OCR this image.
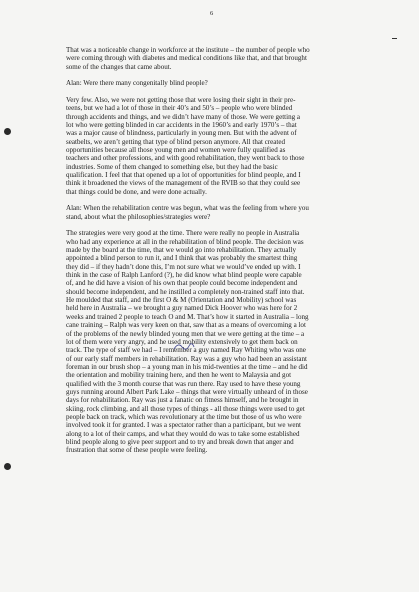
6

That was a noticeable change in workforce at the institute – the number of people who
were coming through with diabetes and medical conditions like that, and that brought
some of the changes that came about.

Alan: Were there many congenitally blind people?

Very few. Also, we were not getting those that were losing their sight in their pre-
teens, but we had a lot of those in their 40’s and 50’s – people who were blinded
through accidents and things, and we didn’t have many of those. We were getting a
lot who were getting blinded in car accidents in the 1960’s and early 1970’s – that
was a major cause of blindness, particularly in young men. But with the advent of
seatbelts, we aren’t getting that type of blind person anymore. All that created
opportunities because all those young men and women were fully qualified as
teachers and other professions, and with good rehabilitation, they went back to those
industries. Some of them changed to something else, but they had the basic
qualification. I feel that that opened up a lot of opportunities for blind people, and I
think it broadened the views of the management of the RVIB so that they could see
that things could be done, and were done actually.

Alan: When the rehabilitation centre was begun, what was the feeling from where you
stand, about what the philosophies/strategies were?

The strategies were very good at the time. There were really no people in Australia
who had any experience at all in the rehabilitation of blind people. The decision was
made by the board at the time, that we would go into rehabilitation. They actually
appointed a blind person to run it, and I think that was probably the smartest thing
they did – if they hadn’t done this, I’m not sure what we would’ve ended up with. I
think in the case of Ralph Lanford (?), he did know what blind people were capable
of, and he did have a vision of his own that people could become independent and
should become independent, and he instilled a completely non-trained staff into that.
He moulded that staff, and the first O & M (Orientation and Mobility) school was
held here in Australia – we brought a guy named Dick Hoover who was here for 2
weeks and trained 2 people to teach O and M. That’s how it started in Australia – long
cane training – Ralph was very keen on that, saw that as a means of overcoming a lot
of the problems of the newly blinded young men that we were getting at the time – a
lot of them were very angry, and he used mobility extensively to get them back on
track. The type of staff we had – I remember a guy named Ray Whiting who was one
of our early staff members in rehabilitation. Ray was a guy who had been an assistant
foreman in our brush shop – a young man in his mid-twenties at the time – and he did
the orientation and mobility training here, and then he went to Malaysia and got
qualified with the 3 month course that was run there. Ray used to have these young
guys running around Albert Park Lake – things that were virtually unheard of in those
days for rehabilitation. Ray was just a fanatic on fitness himself, and he brought in
skiing, rock climbing, and all those types of things - all those things were used to get
people back on track, which was revolutionary at the time but those of us who were
involved took it for granted. I was a spectator rather than a participant, but we went
along to a lot of their camps, and what they would do was to take some established
blind people along to give peer support and to try and break down that anger and
frustration that some of these people were feeling.
